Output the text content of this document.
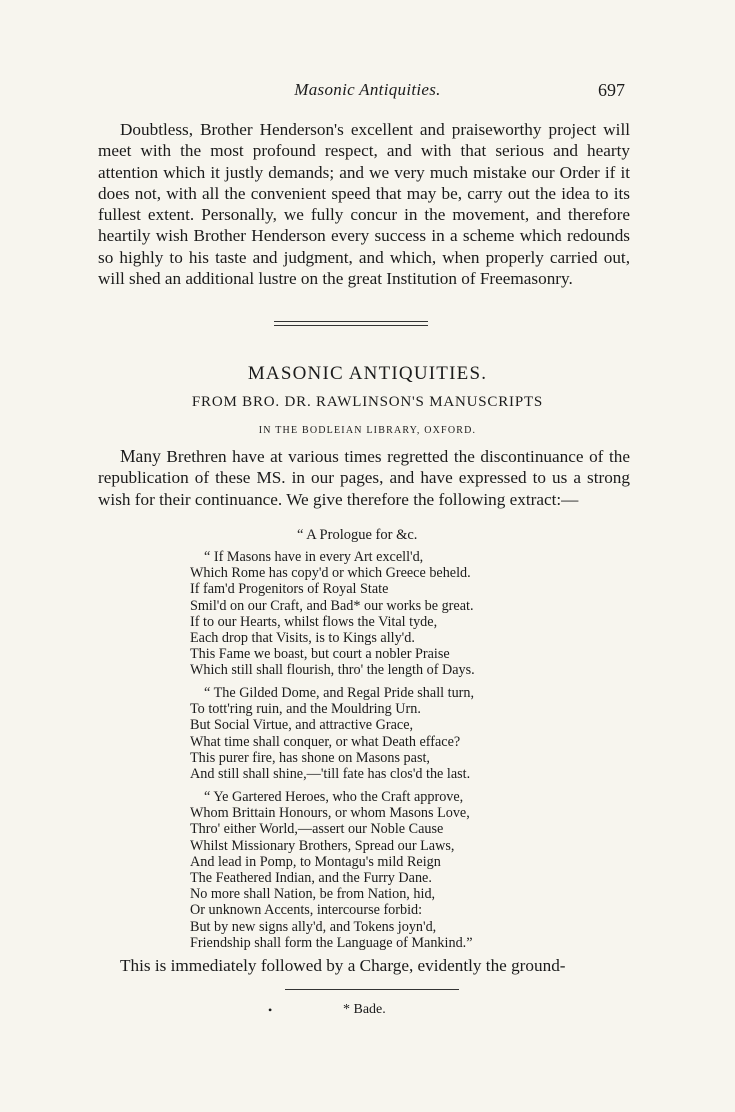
Masonic Antiquities.	697

Doubtless, Brother Henderson's excellent and praiseworthy project will meet with the most profound respect, and with that serious and hearty attention which it justly demands; and we very much mistake our Order if it does not, with all the convenient speed that may be, carry out the idea to its fullest extent. Personally, we fully concur in the movement, and therefore heartily wish Brother Henderson every success in a scheme which redounds so highly to his taste and judgment, and which, when properly carried out, will shed an additional lustre on the great Institution of Freemasonry.

MASONIC ANTIQUITIES.
FROM BRO. DR. RAWLINSON'S MANUSCRIPTS
IN THE BODLEIAN LIBRARY, OXFORD.

Many Brethren have at various times regretted the discontinuance of the republication of these MS. in our pages, and have expressed to us a strong wish for their continuance. We give therefore the following extract:—

“ A Prologue for &c.
“ If Masons have in every Art excell'd,
Which Rome has copy'd or which Greece beheld.
If fam'd Progenitors of Royal State
Smil'd on our Craft, and Bad* our works be great.
If to our Hearts, whilst flows the Vital tyde,
Each drop that Visits, is to Kings ally'd.
This Fame we boast, but court a nobler Praise
Which still shall flourish, thro' the length of Days.
“ The Gilded Dome, and Regal Pride shall turn,
To tott'ring ruin, and the Mouldring Urn.
But Social Virtue, and attractive Grace,
What time shall conquer, or what Death efface?
This purer fire, has shone on Masons past,
And still shall shine,—'till fate has clos'd the last.
“ Ye Gartered Heroes, who the Craft approve,
Whom Brittain Honours, or whom Masons Love,
Thro' either World,—assert our Noble Cause
Whilst Missionary Brothers, Spread our Laws,
And lead in Pomp, to Montagu's mild Reign
The Feathered Indian, and the Furry Dane.
No more shall Nation, be from Nation, hid,
Or unknown Accents, intercourse forbid:
But by new signs ally'd, and Tokens joyn'd,
Friendship shall form the Language of Mankind.”

This is immediately followed by a Charge, evidently the ground-

•	* Bade.
